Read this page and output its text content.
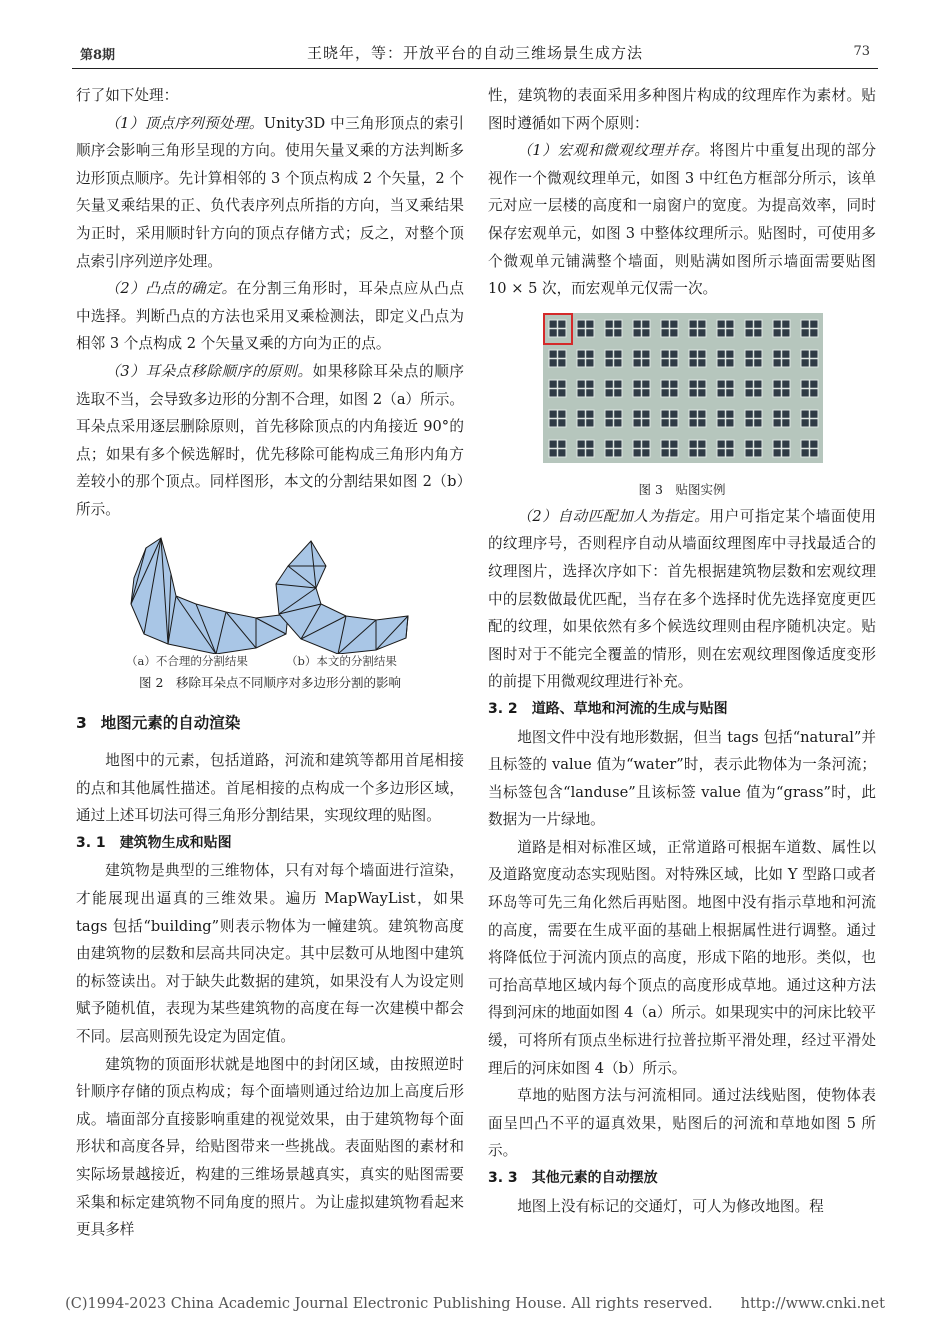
第8期	王晓年，等：开放平台的自动三维场景生成方法	73

行了如下处理：

（1）顶点序列预处理。Unity3D 中三角形顶点的索引顺序会影响三角形呈现的方向。使用矢量叉乘的方法判断多边形顶点顺序。先计算相邻的 3 个顶点构成 2 个矢量，2 个矢量叉乘结果的正、负代表序列点所指的方向，当叉乘结果为正时，采用顺时针方向的顶点存储方式；反之，对整个顶点索引序列逆序处理。

（2）凸点的确定。在分割三角形时，耳朵点应从凸点中选择。判断凸点的方法也采用叉乘检测法，即定义凸点为相邻 3 个点构成 2 个矢量叉乘的方向为正的点。

（3）耳朵点移除顺序的原则。如果移除耳朵点的顺序选取不当，会导致多边形的分割不合理，如图 2（a）所示。耳朵点采用逐层删除原则，首先移除顶点的内角接近 90°的点；如果有多个候选解时，优先移除可能构成三角形内角方差较小的那个顶点。同样图形，本文的分割结果如图 2（b）所示。

（a）不合理的分割结果	（b）本文的分割结果

图 2　移除耳朵点不同顺序对多边形分割的影响

3 地图元素的自动渲染

地图中的元素，包括道路，河流和建筑等都用首尾相接的点和其他属性描述。首尾相接的点构成一个多边形区域，通过上述耳切法可得三角形分割结果，实现纹理的贴图。

3. 1 建筑物生成和贴图

建筑物是典型的三维物体，只有对每个墙面进行渲染，才能展现出逼真的三维效果。遍历 MapWayList，如果 tags 包括“building”则表示物体为一幢建筑。建筑物高度由建筑物的层数和层高共同决定。其中层数可从地图中建筑的标签读出。对于缺失此数据的建筑，如果没有人为设定则赋予随机值，表现为某些建筑物的高度在每一次建模中都会不同。层高则预先设定为固定值。

建筑物的顶面形状就是地图中的封闭区域，由按照逆时针顺序存储的顶点构成；每个面墙则通过给边加上高度后形成。墙面部分直接影响重建的视觉效果，由于建筑物每个面形状和高度各异，给贴图带来一些挑战。表面贴图的素材和实际场景越接近，构建的三维场景越真实，真实的贴图需要采集和标定建筑物不同角度的照片。为让虚拟建筑物看起来更具多样

性，建筑物的表面采用多种图片构成的纹理库作为素材。贴图时遵循如下两个原则：

（1）宏观和微观纹理并存。将图片中重复出现的部分视作一个微观纹理单元，如图 3 中红色方框部分所示，该单元对应一层楼的高度和一扇窗户的宽度。为提高效率，同时保存宏观单元，如图 3 中整体纹理所示。贴图时，可使用多个微观单元铺满整个墙面，则贴满如图所示墙面需要贴图 10 × 5 次，而宏观单元仅需一次。

图 3　贴图实例

（2）自动匹配加人为指定。用户可指定某个墙面使用的纹理序号，否则程序自动从墙面纹理图库中寻找最适合的纹理图片，选择次序如下：首先根据建筑物层数和宏观纹理中的层数做最优匹配，当存在多个选择时优先选择宽度更匹配的纹理，如果依然有多个候选纹理则由程序随机决定。贴图时对于不能完全覆盖的情形，则在宏观纹理图像适度变形的前提下用微观纹理进行补充。

3. 2 道路、草地和河流的生成与贴图

地图文件中没有地形数据，但当 tags 包括“natural”并且标签的 value 值为“water”时，表示此物体为一条河流；当标签包含“landuse”且该标签 value 值为“grass”时，此数据为一片绿地。

道路是相对标准区域，正常道路可根据车道数、属性以及道路宽度动态实现贴图。对特殊区域，比如 Y 型路口或者环岛等可先三角化然后再贴图。地图中没有指示草地和河流的高度，需要在生成平面的基础上根据属性进行调整。通过将降低位于河流内顶点的高度，形成下陷的地形。类似，也可抬高草地区域内每个顶点的高度形成草地。通过这种方法得到河床的地面如图 4（a）所示。如果现实中的河床比较平缓，可将所有顶点坐标进行拉普拉斯平滑处理，经过平滑处理后的河床如图 4（b）所示。

草地的贴图方法与河流相同。通过法线贴图，使物体表面呈凹凸不平的逼真效果，贴图后的河流和草地如图 5 所示。

3. 3 其他元素的自动摆放

地图上没有标记的交通灯，可人为修改地图。程

(C)1994-2023 China Academic Journal Electronic Publishing House. All rights reserved. http://www.cnki.net
